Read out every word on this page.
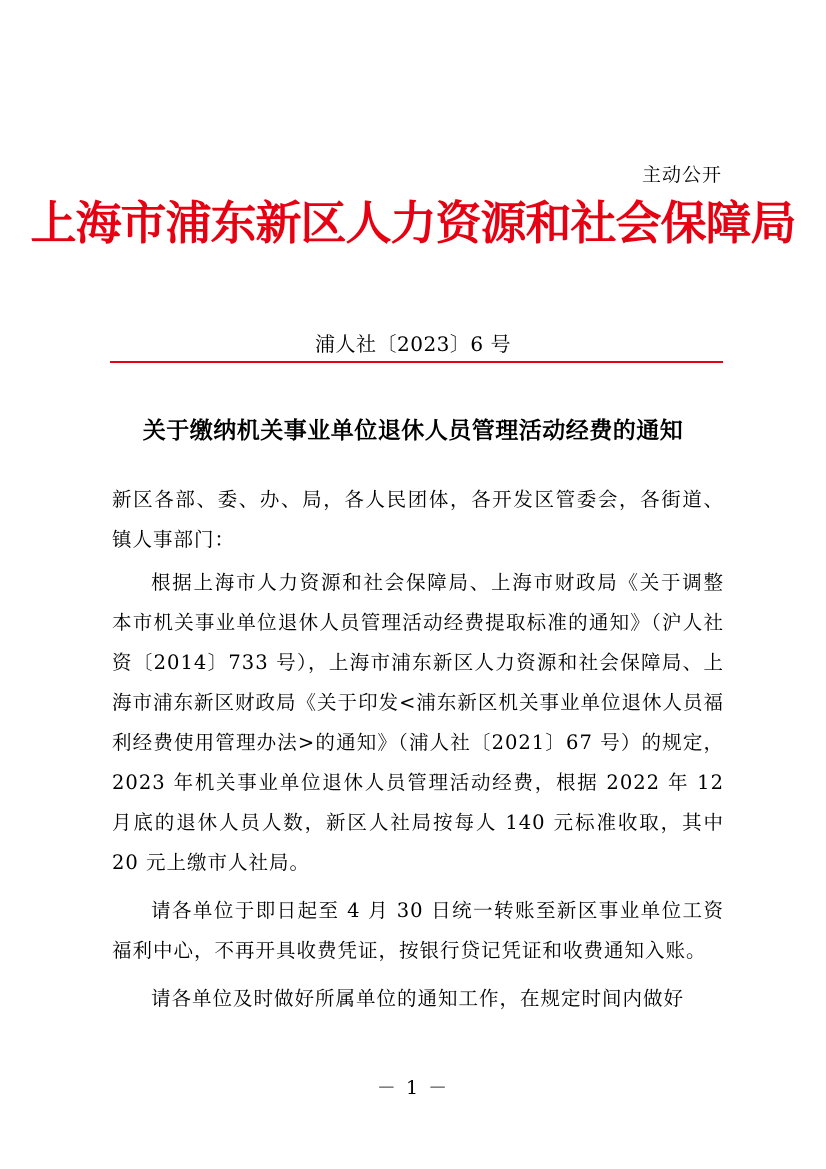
主动公开
上海市浦东新区人力资源和社会保障局
浦人社〔2023〕6 号
关于缴纳机关事业单位退休人员管理活动经费的通知
新区各部、委、办、局，各人民团体，各开发区管委会，各街道、镇人事部门：

根据上海市人力资源和社会保障局、上海市财政局《关于调整本市机关事业单位退休人员管理活动经费提取标准的通知》（沪人社资〔2014〕733 号），上海市浦东新区人力资源和社会保障局、上海市浦东新区财政局《关于印发<浦东新区机关事业单位退休人员福利经费使用管理办法>的通知》（浦人社〔2021〕67 号）的规定，2023 年机关事业单位退休人员管理活动经费，根据 2022 年 12 月底的退休人员人数，新区人社局按每人 140 元标准收取，其中 20 元上缴市人社局。

请各单位于即日起至 4 月 30 日统一转账至新区事业单位工资福利中心，不再开具收费凭证，按银行贷记凭证和收费通知入账。

请各单位及时做好所属单位的通知工作，在规定时间内做好

－ 1 －
